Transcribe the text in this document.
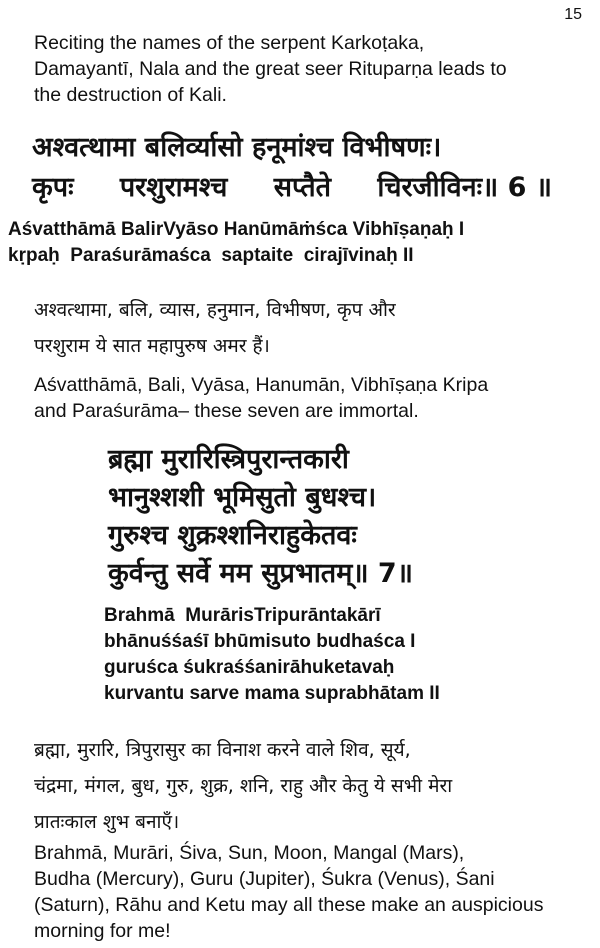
15

Reciting the names of the serpent Karkoṭaka,

Damayantī, Nala and the great seer Rituparṇa leads to

the destruction of Kali.

अश्वत्थामा बलिर्व्यासो हनूमांश्च विभीषणः।
कृपः परशुरामश्च सप्तैते चिरजीविनः॥ 6 ॥

Aśvatthāmā BalirVyāso Hanūmāṁśca Vibhīṣaṇaḥ I

kṛpaḥ  Paraśurāmaśca  saptaite  cirajīvinaḥ II

अश्वत्थामा, बलि, व्यास, हनुमान, विभीषण, कृप और

परशुराम ये सात महापुरुष अमर हैं।

Aśvatthāmā, Bali, Vyāsa, Hanumān, Vibhīṣaṇa Kripa

and Paraśurāma– these seven are immortal.

ब्रह्मा मुरारिस्त्रिपुरान्तकारी
भानुश्शशी भूमिसुतो बुधश्च।
गुरुश्च शुक्रश्शनिराहुकेतवः
कुर्वन्तु सर्वे मम सुप्रभातम्॥ 7॥

Brahmā  MurārisTripurāntakārī

bhānuśśaśī bhūmisuto budhaśca I

guruśca śukraśśanirāhuketavaḥ

kurvantu sarve mama suprabhātam II

ब्रह्मा, मुरारि, त्रिपुरासुर का विनाश करने वाले शिव, सूर्य,

चंद्रमा, मंगल, बुध, गुरु, शुक्र, शनि, राहु और केतु ये सभी मेरा

प्रातःकाल शुभ बनाएँ।

Brahmā, Murāri, Śiva, Sun, Moon, Mangal (Mars),

Budha (Mercury), Guru (Jupiter), Śukra (Venus), Śani

(Saturn), Rāhu and Ketu may all these make an auspicious

morning for me!
